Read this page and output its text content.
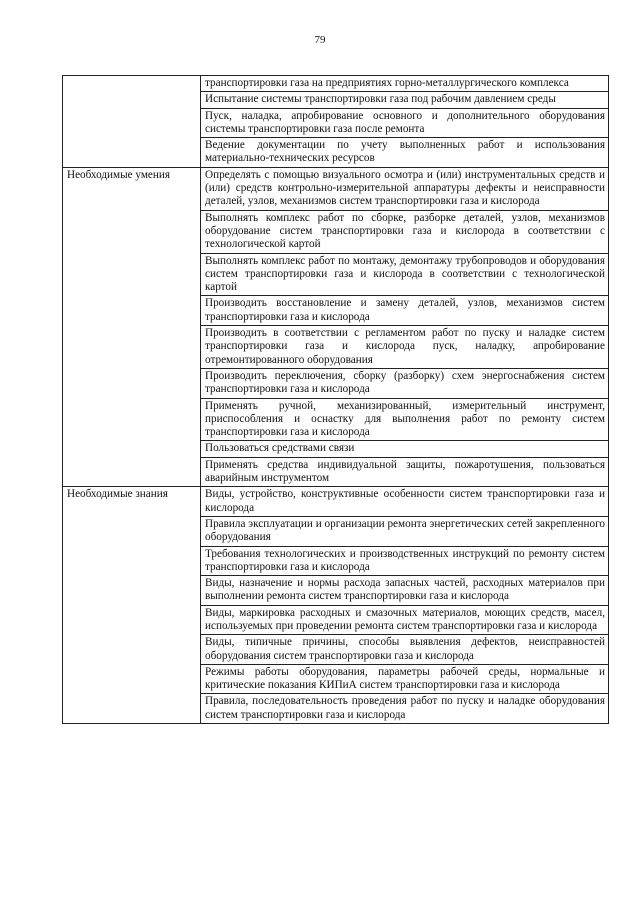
79
	транспортировки газа на предприятиях горно-металлургического комплекса
	Испытание системы транспортировки газа под рабочим давлением среды
	Пуск, наладка, апробирование основного и дополнительного оборудования системы транспортировки газа после ремонта
	Ведение документации по учету выполненных работ и использования материально-технических ресурсов
Необходимые умения	Определять с помощью визуального осмотра и (или) инструментальных средств и (или) средств контрольно-измерительной аппаратуры дефекты и неисправности деталей, узлов, механизмов систем транспортировки газа и кислорода
	Выполнять комплекс работ по сборке, разборке деталей, узлов, механизмов оборудование систем транспортировки газа и кислорода в соответствии с технологической картой
	Выполнять комплекс работ по монтажу, демонтажу трубопроводов и оборудования систем транспортировки газа и кислорода в соответствии с технологической картой
	Производить восстановление и замену деталей, узлов, механизмов систем транспортировки газа и кислорода
	Производить в соответствии с регламентом работ по пуску и наладке систем транспортировки газа и кислорода пуск, наладку, апробирование отремонтированного оборудования
	Производить переключения, сборку (разборку) схем энергоснабжения систем транспортировки газа и кислорода
	Применять ручной, механизированный, измерительный инструмент, приспособления и оснастку для выполнения работ по ремонту систем транспортировки газа и кислорода
	Пользоваться средствами связи
	Применять средства индивидуальной защиты, пожаротушения, пользоваться аварийным инструментом
Необходимые знания	Виды, устройство, конструктивные особенности систем транспортировки газа и кислорода
	Правила эксплуатации и организации ремонта энергетических сетей закрепленного оборудования
	Требования технологических и производственных инструкций по ремонту систем транспортировки газа и кислорода
	Виды, назначение и нормы расхода запасных частей, расходных материалов при выполнении ремонта систем транспортировки газа и кислорода
	Виды, маркировка расходных и смазочных материалов, моющих средств, масел, используемых при проведении ремонта систем транспортировки газа и кислорода
	Виды, типичные причины, способы выявления дефектов, неисправностей оборудования систем транспортировки газа и кислорода
	Режимы работы оборудования, параметры рабочей среды, нормальные и критические показания КИПиА систем транспортировки газа и кислорода
	Правила, последовательность проведения работ по пуску и наладке оборудования систем транспортировки газа и кислорода
